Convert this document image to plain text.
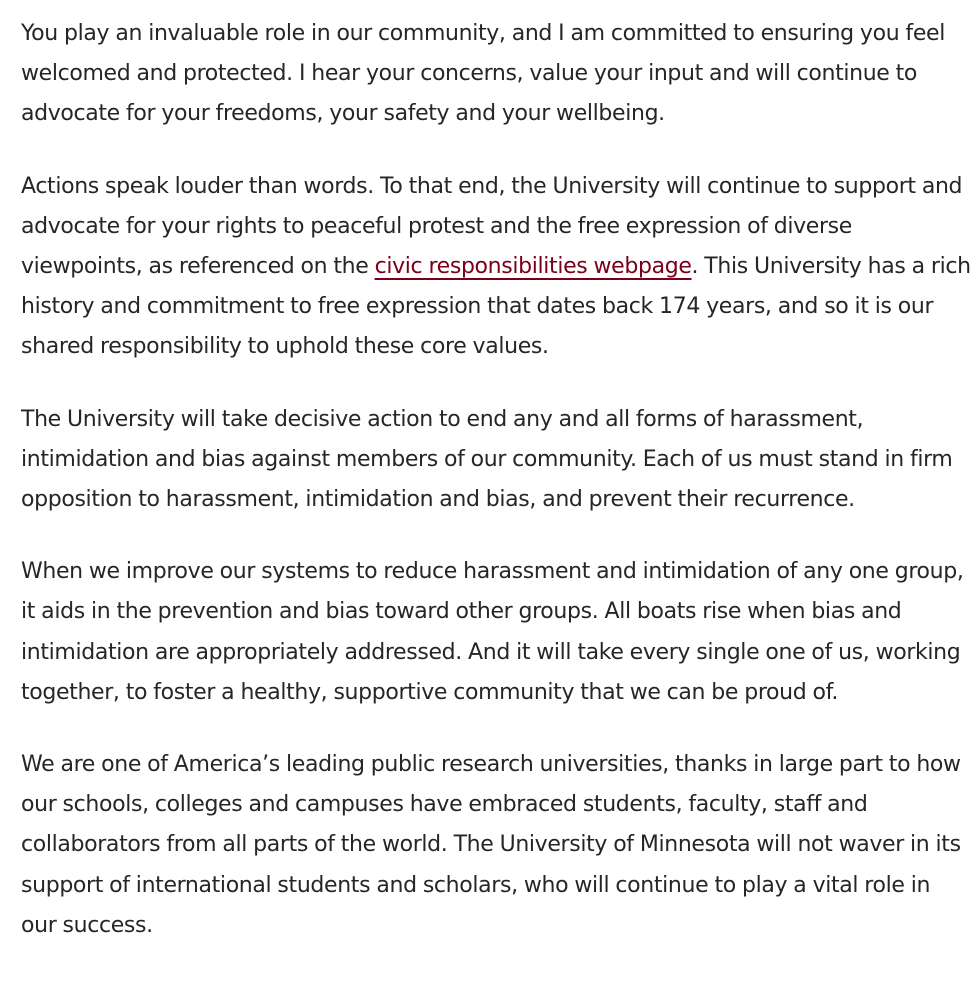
You play an invaluable role in our community, and I am committed to ensuring you feel welcomed and protected. I hear your concerns, value your input and will continue to advocate for your freedoms, your safety and your wellbeing.

Actions speak louder than words. To that end, the University will continue to support and advocate for your rights to peaceful protest and the free expression of diverse viewpoints, as referenced on the civic responsibilities webpage. This University has a rich history and commitment to free expression that dates back 174 years, and so it is our shared responsibility to uphold these core values.

The University will take decisive action to end any and all forms of harassment, intimidation and bias against members of our community. Each of us must stand in firm opposition to harassment, intimidation and bias, and prevent their recurrence.

When we improve our systems to reduce harassment and intimidation of any one group, it aids in the prevention and bias toward other groups. All boats rise when bias and intimidation are appropriately addressed. And it will take every single one of us, working together, to foster a healthy, supportive community that we can be proud of.

We are one of America’s leading public research universities, thanks in large part to how our schools, colleges and campuses have embraced students, faculty, staff and collaborators from all parts of the world. The University of Minnesota will not waver in its support of international students and scholars, who will continue to play a vital role in our success.
